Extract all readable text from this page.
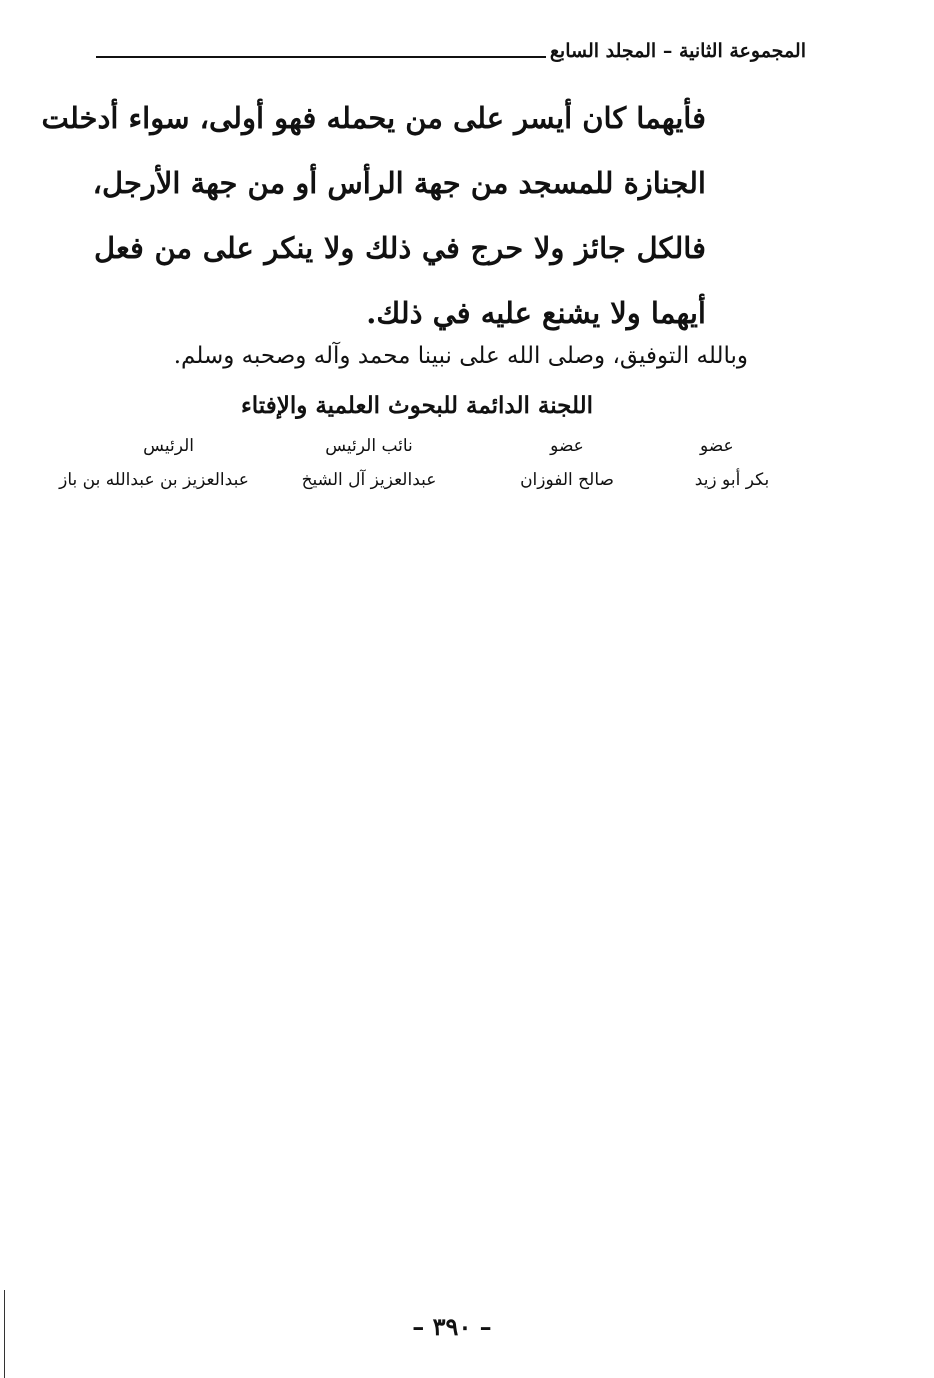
المجموعة الثانية – المجلد السابع

فأيهما كان أيسر على من يحمله فهو أولى، سواء أدخلت
الجنازة للمسجد من جهة الرأس أو من جهة الأرجل،
فالكل جائز ولا حرج في ذلك ولا ينكر على من فعل
أيهما ولا يشنع عليه في ذلك.

وبالله التوفيق، وصلى الله على نبينا محمد وآله وصحبه وسلم.

اللجنة الدائمة للبحوث العلمية والإفتاء
عضو
بكر أبو زيد
عضو
صالح الفوزان
نائب الرئيس
عبدالعزيز آل الشيخ
الرئيس
عبدالعزيز بن عبدالله بن باز

– ٣٩٠ –
